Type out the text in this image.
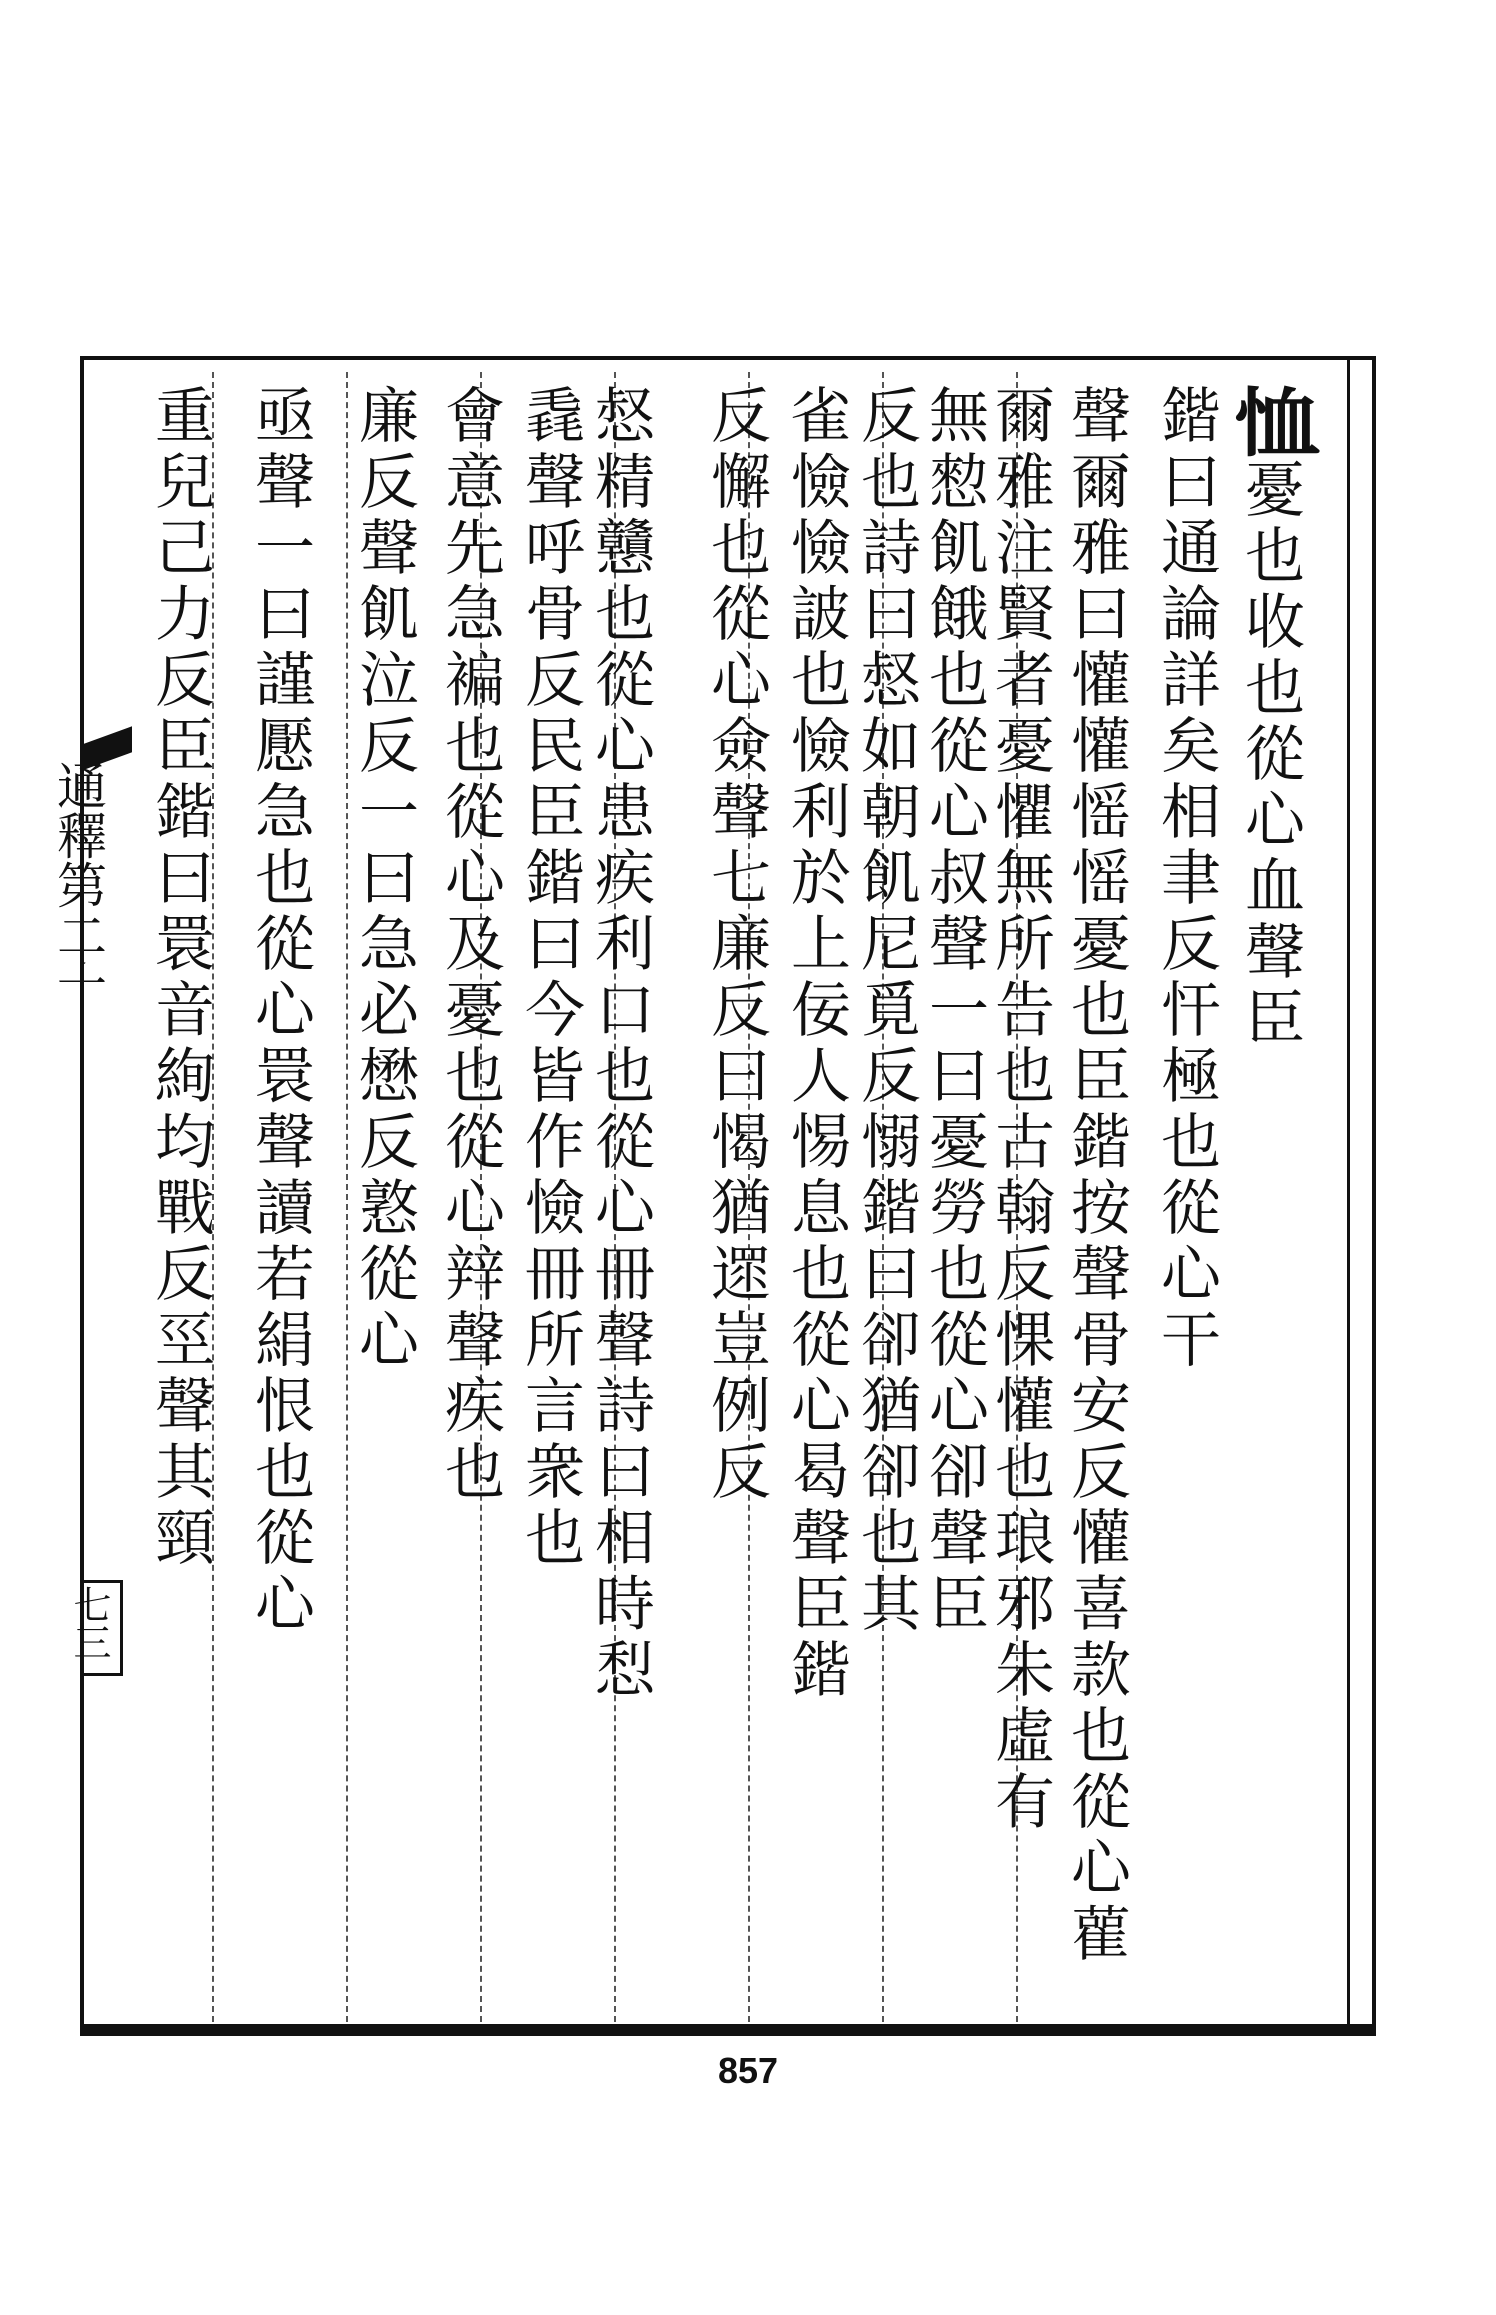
恤憂也收也從心血聲臣
鍇曰通論詳矣相聿反忓極也從心干
聲爾雅曰懽懽愮愮憂也臣鍇按聲骨安反懽喜款也從心雚
爾雅注賢者憂懼無所告也古翰反惈懽也琅邪朱虛有
無愸飢餓也從心叔聲一曰憂勞也從心卻聲臣
反也詩曰惄如朝飢尼覓反愵鍇曰卻猶卻也其
雀憸憸詖也憸利於上佞人惕息也從心曷聲臣鍇
反懈也從心僉聲七廉反曰愒猶遝豈例反
惄精戇也從心患疾利口也從心冊聲詩曰相時悡
毳聲呼骨反民臣鍇曰今皆作憸冊所言衆也
會意先急褊也從心及憂也從心辡聲疾也
廉反聲飢泣反一曰急必懋反憝從心
亟聲一曰謹懕急也從心睘聲讀若絹恨也從心
重兒己力反臣鍇曰睘音絢均戰反巠聲其頸
通釋第二十
七三
857
